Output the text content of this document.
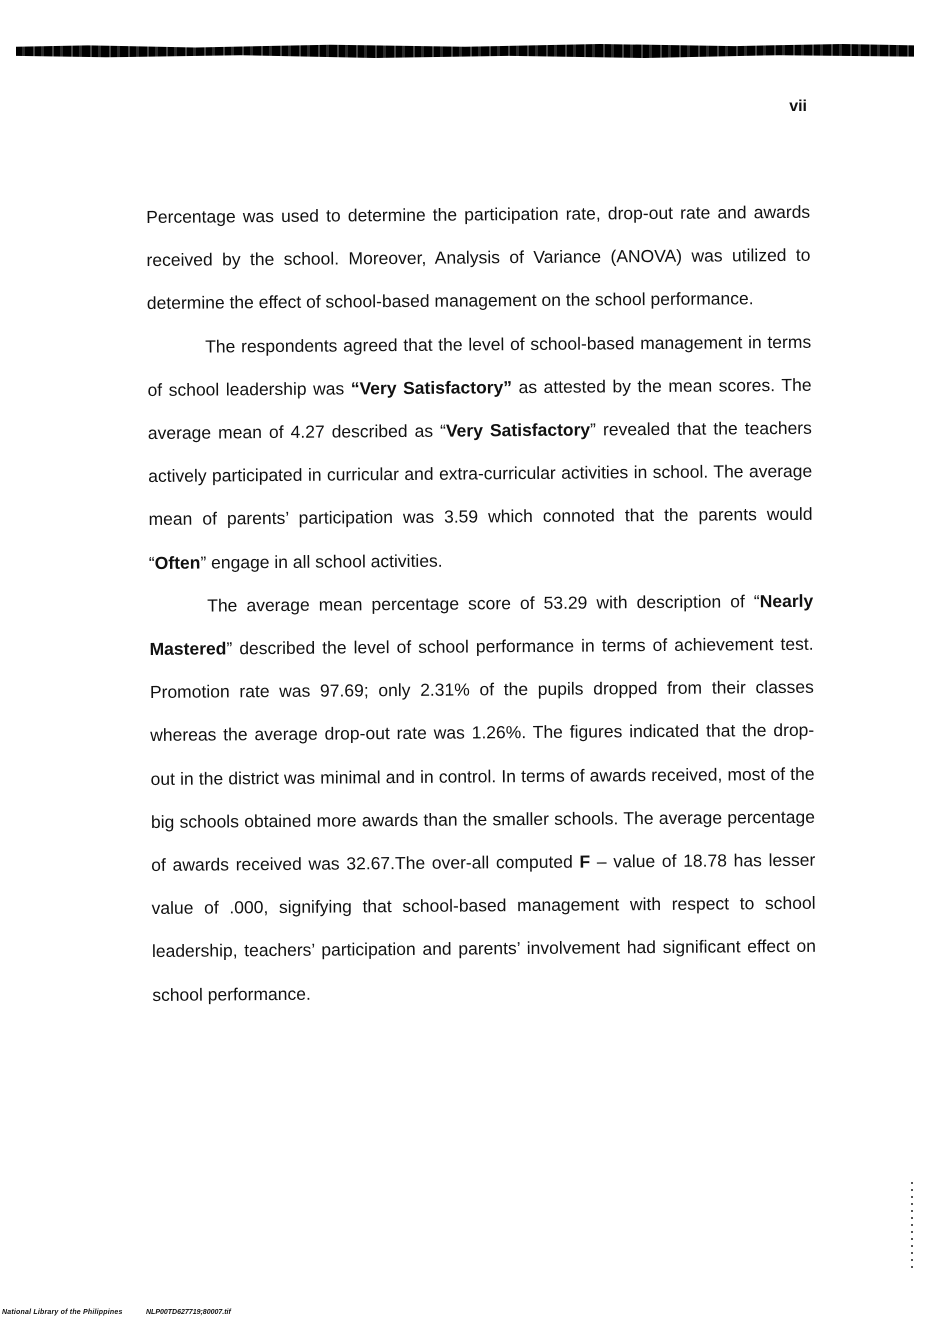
vii

Percentage was used to determine the participation rate, drop-out rate and awards received by the school. Moreover, Analysis of Variance (ANOVA) was utilized to determine the effect of school-based management on the school performance.

The respondents agreed that the level of school-based management in terms of school leadership was “Very Satisfactory” as attested by the mean scores. The average mean of 4.27 described as “Very Satisfactory” revealed that the teachers actively participated in curricular and extra-curricular activities in school. The average mean of parents’ participation was 3.59 which connoted that the parents would “Often” engage in all school activities.

The average mean percentage score of 53.29 with description of “Nearly Mastered” described the level of school performance in terms of achievement test. Promotion rate was 97.69; only 2.31% of the pupils dropped from their classes whereas the average drop-out rate was 1.26%. The figures indicated that the drop-out in the district was minimal and in control. In terms of awards received, most of the big schools obtained more awards than the smaller schools. The average percentage of awards received was 32.67.The over-all computed F – value of 18.78 has lesser value of .000, signifying that school-based management with respect to school leadership, teachers’ participation and parents’ involvement had significant effect on school performance.

National Library of the Philippines	NLP00TD627719;80007.tif
